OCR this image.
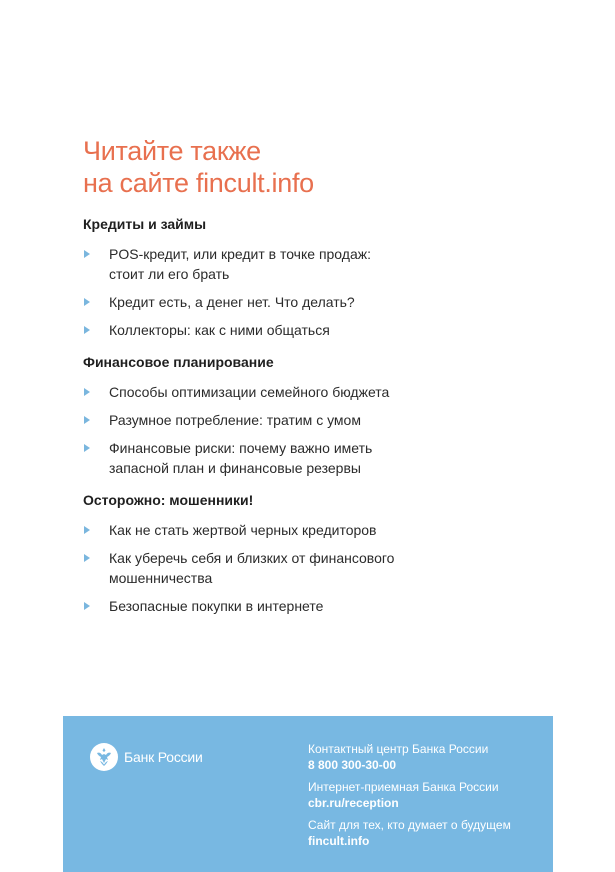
Читайте также
на сайте fincult.info
Кредиты и займы
POS-кредит, или кредит в точке продаж:
стоит ли его брать
Кредит есть, а денег нет. Что делать?
Коллекторы: как с ними общаться
Финансовое планирование
Способы оптимизации семейного бюджета
Разумное потребление: тратим с умом
Финансовые риски: почему важно иметь
запасной план и финансовые резервы
Осторожно: мошенники!
Как не стать жертвой черных кредиторов
Как уберечь себя и близких от финансового
мошенничества
Безопасные покупки в интернете
Банк России	Контактный центр Банка России
8 800 300-30-00
Интернет-приемная Банка России
cbr.ru/reception
Сайт для тех, кто думает о будущем
fincult.info
